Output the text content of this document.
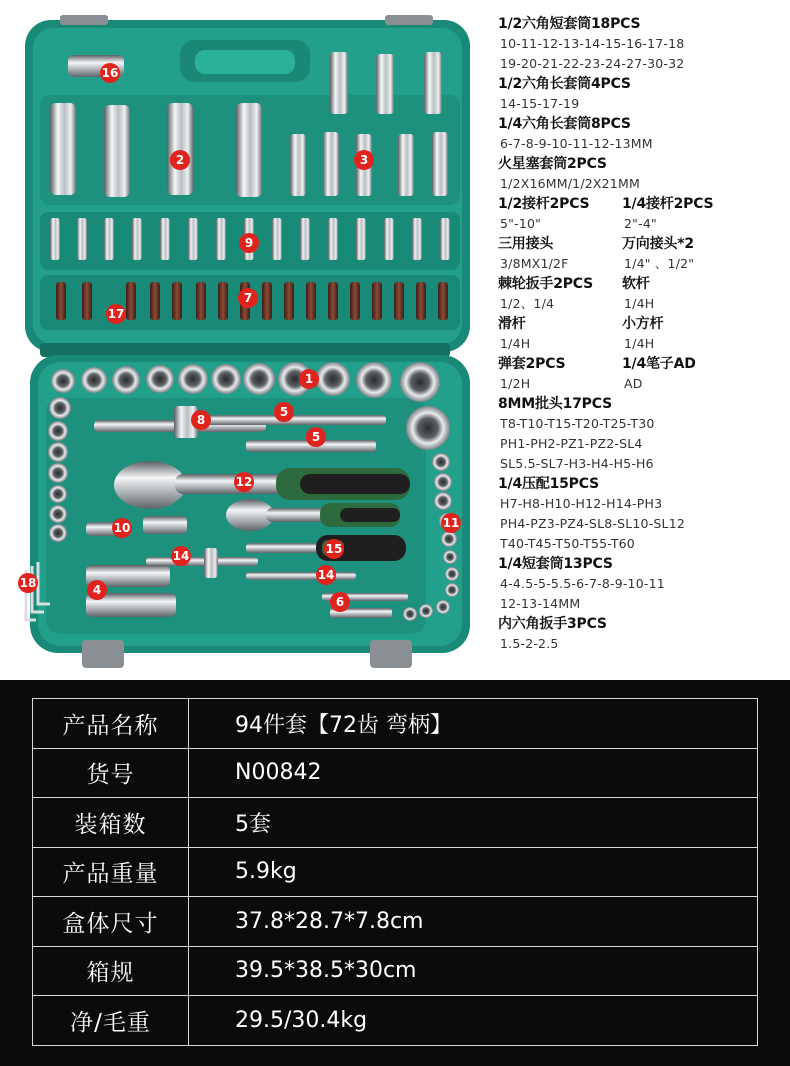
16
2	3
9
17
7
1
8
5
5
12
10	11
14	15
18	4
14
6
1/2六角短套筒18PCS
10-11-12-13-14-15-16-17-18
19-20-21-22-23-24-27-30-32
1/2六角长套筒4PCS
14-15-17-19
1/4六角长套筒8PCS
6-7-8-9-10-11-12-13MM
火星塞套筒2PCS
1/2X16MM/1/2X21MM
1/2接杆2PCS	1/4接杆2PCS
5"-10"	2"-4"
三用接头	万向接头*2
3/8MX1/2F	1/4" 、1/2"
棘轮扳手2PCS	软杆
1/2、1/4	1/4H
滑杆	小方杆
1/4H	1/4H
弹套2PCS	1/4笔子AD
1/2H	AD
8MM批头17PCS
T8-T10-T15-T20-T25-T30
PH1-PH2-PZ1-PZ2-SL4
SL5.5-SL7-H3-H4-H5-H6
1/4压配15PCS
H7-H8-H10-H12-H14-PH3
PH4-PZ3-PZ4-SL8-SL10-SL12
T40-T45-T50-T55-T60
1/4短套筒13PCS
4-4.5-5-5.5-6-7-8-9-10-11
12-13-14MM
内六角扳手3PCS
1.5-2-2.5
产品名称	94件套【72齿 弯柄】
货号	N00842
装箱数	5套
产品重量	5.9kg
盒体尺寸	37.8*28.7*7.8cm
箱规	39.5*38.5*30cm
净/毛重	29.5/30.4kg
